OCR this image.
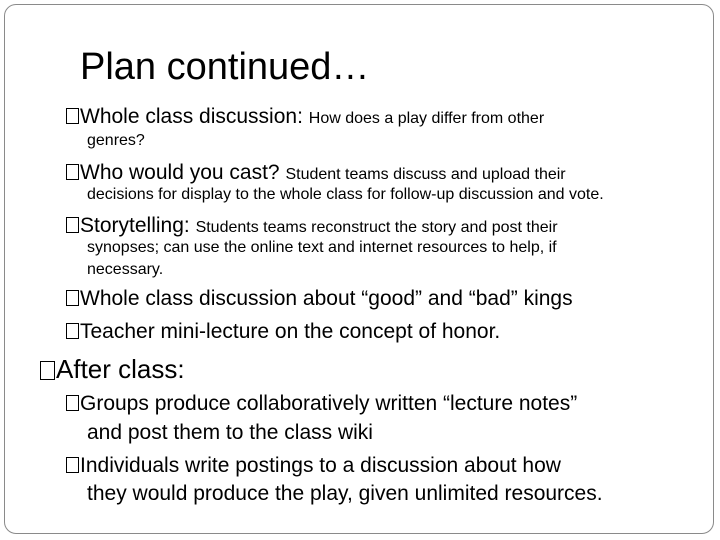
Plan continued…
Whole class discussion: How does a play differ from other
genres?
Who would you cast? Student teams discuss and upload their
decisions for display to the whole class for follow-up discussion and vote.
Storytelling: Students teams reconstruct the story and post their
synopses; can use the online text and internet resources to help, if
necessary.
Whole class discussion about “good” and “bad” kings
Teacher mini-lecture on the concept of honor.
After class:
Groups produce collaboratively written “lecture notes”
and post them to the class wiki
Individuals write postings to a discussion about how
they would produce the play, given unlimited resources.
